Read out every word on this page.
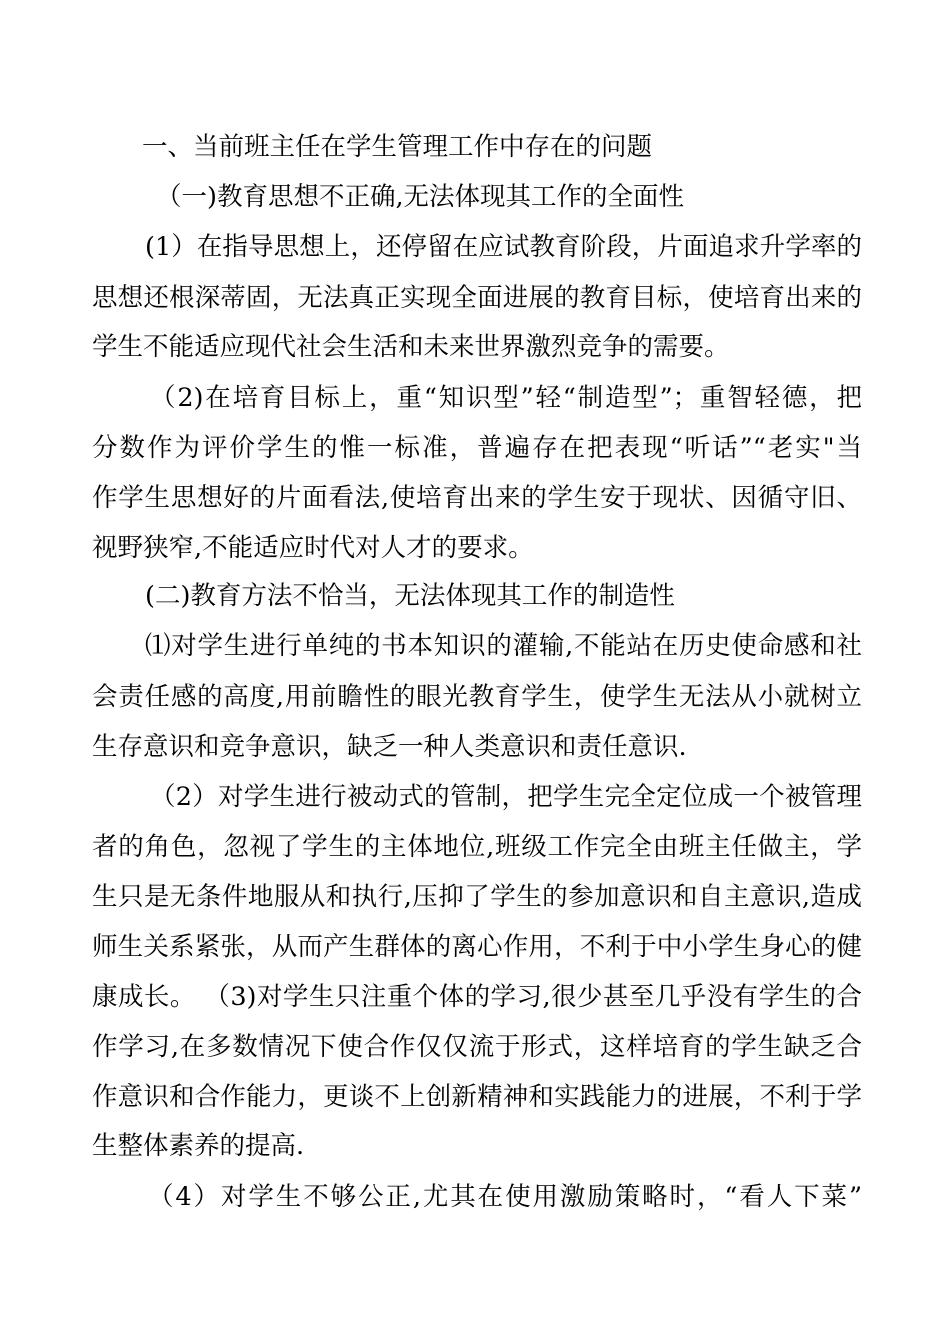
一、当前班主任在学生管理工作中存在的问题
（一)教育思想不正确,无法体现其工作的全面性
(1）在指导思想上，还停留在应试教育阶段，片面追求升学率的
思想还根深蒂固，无法真正实现全面进展的教育目标，使培育出来的
学生不能适应现代社会生活和未来世界激烈竞争的需要。
（2)在培育目标上，重“知识型”轻“制造型”；重智轻德，把
分数作为评价学生的惟一标准，普遍存在把表现“听话”“老实"当
作学生思想好的片面看法,使培育出来的学生安于现状、因循守旧、
视野狭窄,不能适应时代对人才的要求。
(二)教育方法不恰当，无法体现其工作的制造性
⑴对学生进行单纯的书本知识的灌输,不能站在历史使命感和社
会责任感的高度,用前瞻性的眼光教育学生，使学生无法从小就树立
生存意识和竞争意识，缺乏一种人类意识和责任意识.
（2）对学生进行被动式的管制，把学生完全定位成一个被管理
者的角色，忽视了学生的主体地位,班级工作完全由班主任做主，学
生只是无条件地服从和执行,压抑了学生的参加意识和自主意识,造成
师生关系紧张，从而产生群体的离心作用，不利于中小学生身心的健
康成长。 （3)对学生只注重个体的学习,很少甚至几乎没有学生的合
作学习,在多数情况下使合作仅仅流于形式，这样培育的学生缺乏合
作意识和合作能力，更谈不上创新精神和实践能力的进展，不利于学
生整体素养的提高.
（4）对学生不够公正,尤其在使用激励策略时，“看人下菜”
